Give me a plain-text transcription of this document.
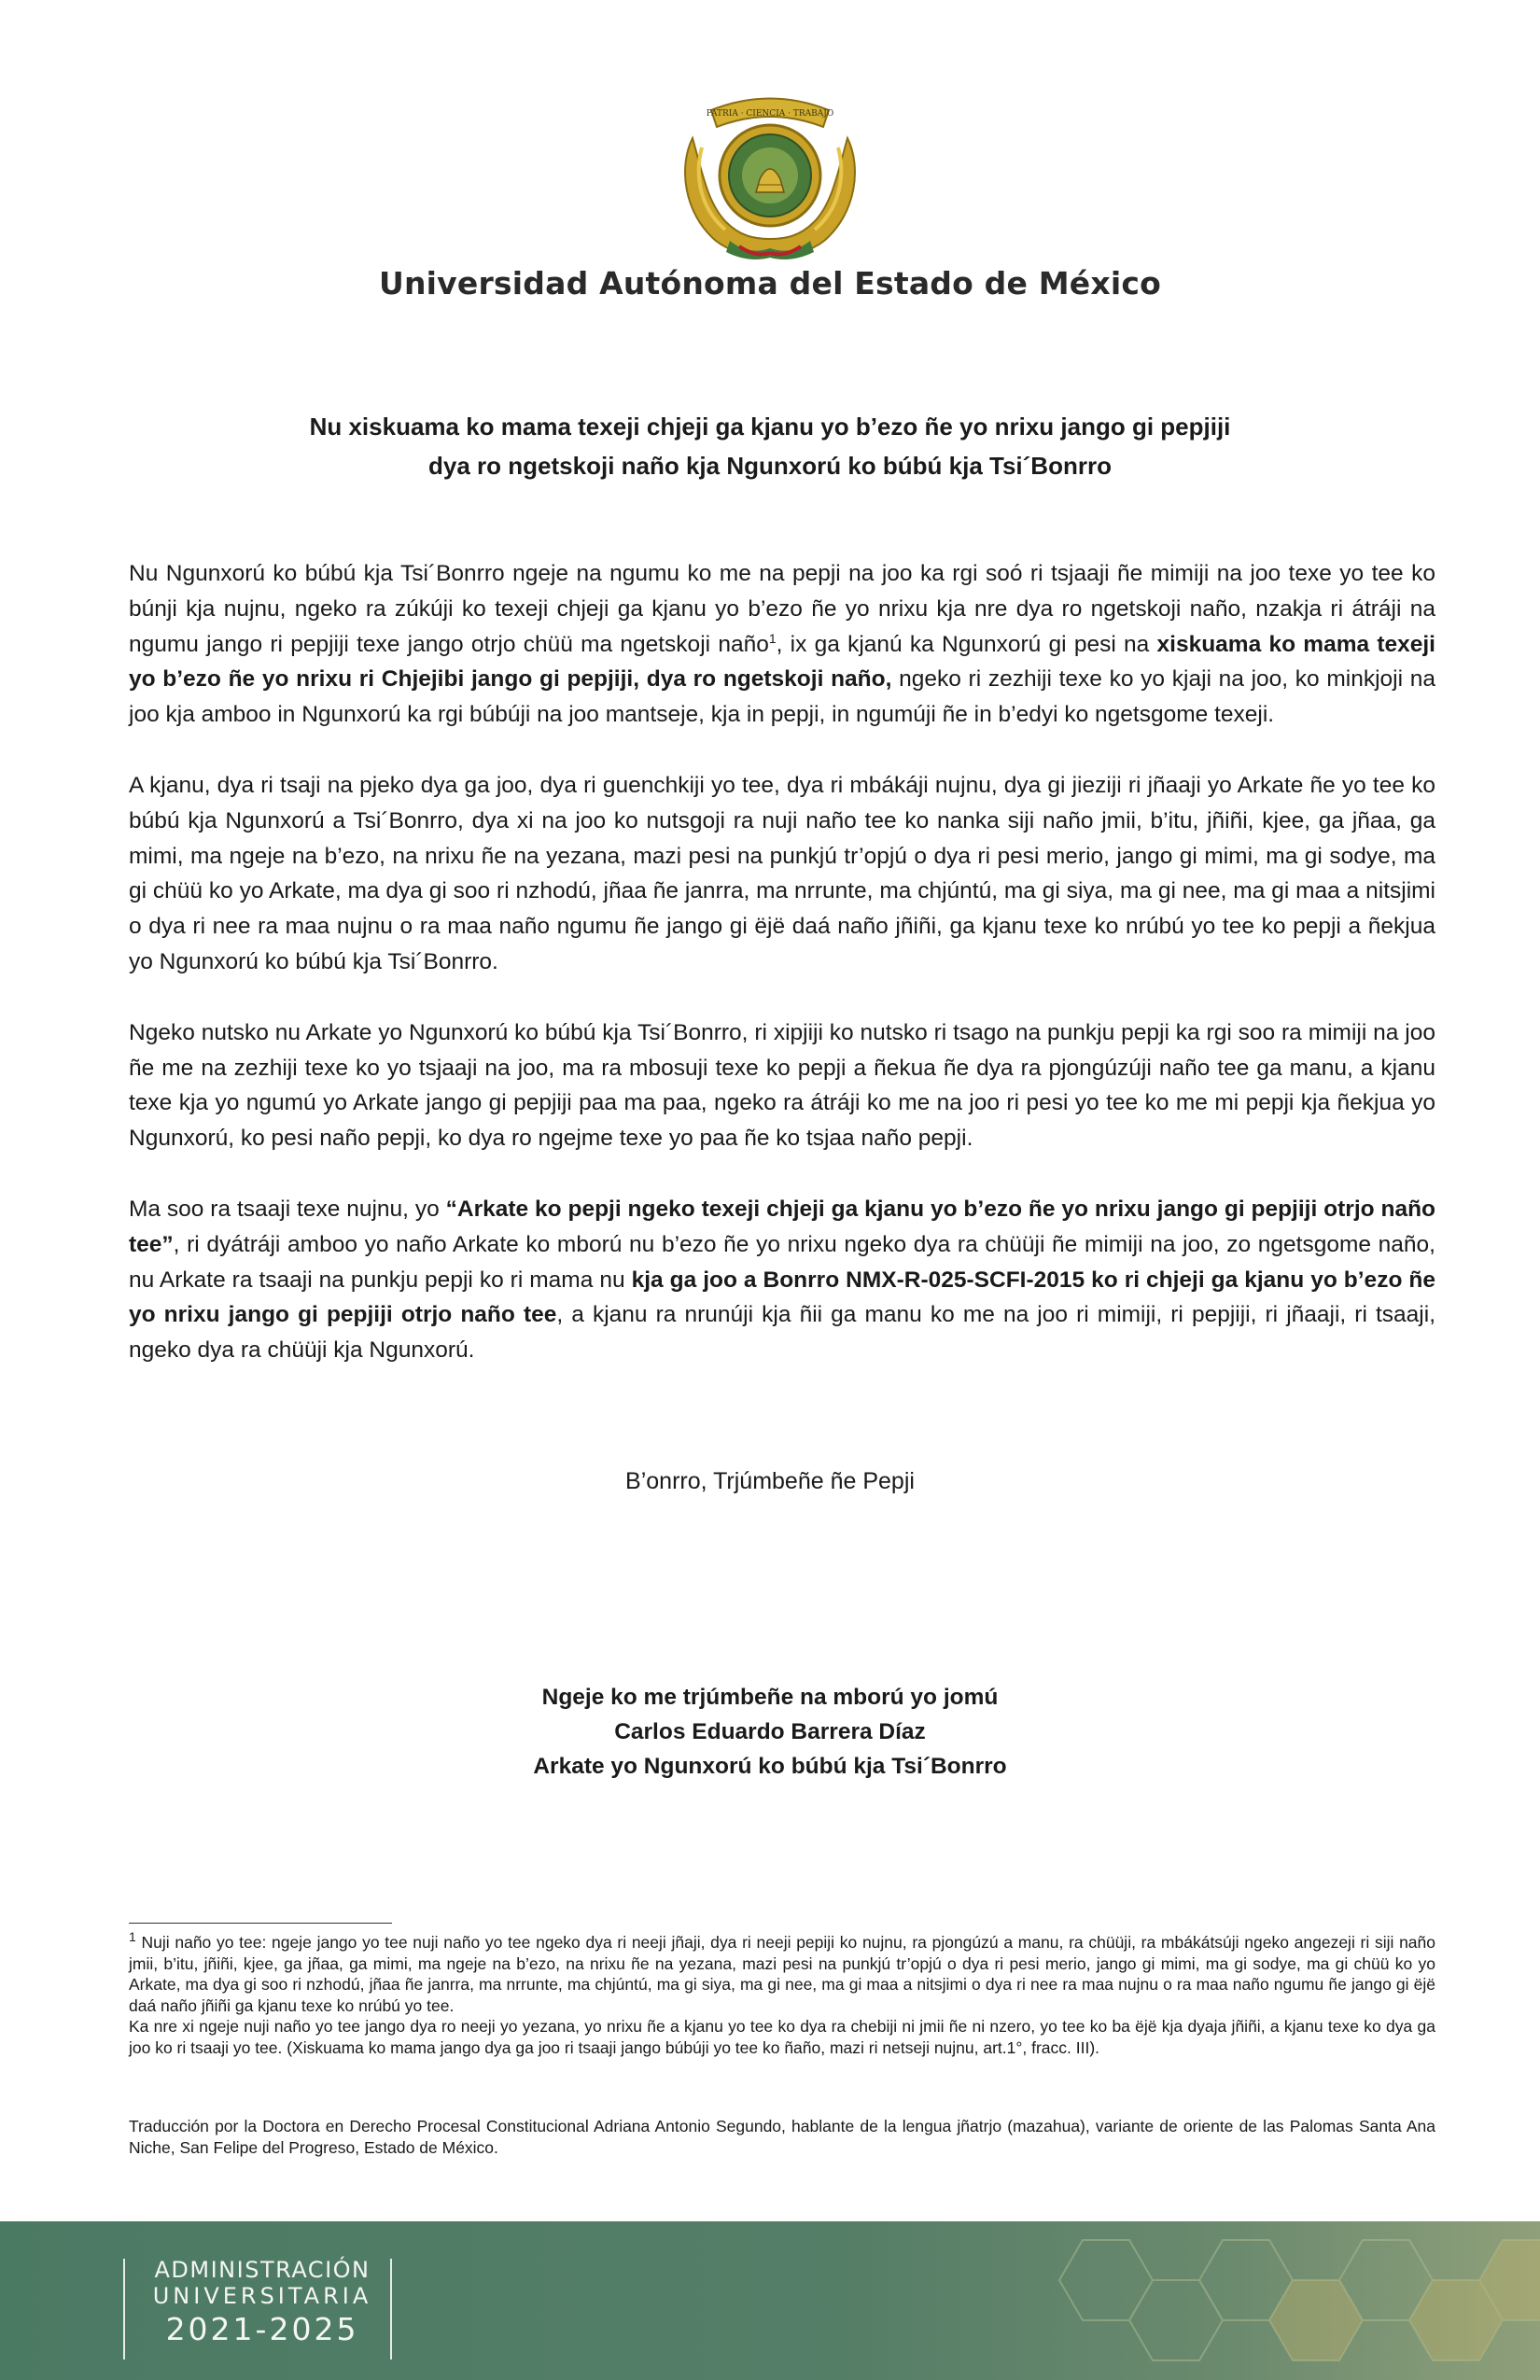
PATRIA · CIENCIA · TRABAJO
Universidad Autónoma del Estado de México
Nu xiskuama ko mama texeji chjeji ga kjanu yo b’ezo ñe yo nrixu jango gi pepjiji
dya ro ngetskoji naño kja Ngunxorú ko búbú kja Tsi´Bonrro

Nu Ngunxorú ko búbú kja Tsi´Bonrro ngeje na ngumu ko me na pepji na joo ka rgi soó ri tsjaaji ñe mimiji na joo texe yo tee ko búnji kja nujnu, ngeko ra zúkúji ko texeji chjeji ga kjanu yo b’ezo ñe yo nrixu kja nre dya ro ngetskoji naño, nzakja ri átráji na ngumu jango ri pepjiji texe jango otrjo chüü ma ngetskoji naño$^1$, ix ga kjanú ka Ngunxorú gi pesi na xiskuama ko mama texeji yo b’ezo ñe yo nrixu ri Chjejibi jango gi pepjiji, dya ro ngetskoji naño, ngeko ri zezhiji texe ko yo kjaji na joo, ko minkjoji na joo kja amboo in Ngunxorú ka rgi búbúji na joo mantseje, kja in pepji, in ngumúji ñe in b’edyi ko ngetsgome texeji.

A kjanu, dya ri tsaji na pjeko dya ga joo, dya ri guenchkiji yo tee, dya ri mbákáji nujnu, dya gi jieziji ri jñaaji yo Arkate ñe yo tee ko búbú kja Ngunxorú a Tsi´Bonrro, dya xi na joo ko nutsgoji ra nuji naño tee ko nanka siji naño jmii, b’itu, jñiñi, kjee, ga jñaa, ga mimi, ma ngeje na b’ezo, na nrixu ñe na yezana, mazi pesi na punkjú tr’opjú o dya ri pesi merio, jango gi mimi, ma gi sodye, ma gi chüü ko yo Arkate, ma dya gi soo ri nzhodú, jñaa ñe janrra, ma nrrunte, ma chjúntú, ma gi siya, ma gi nee, ma gi maa a nitsjimi o dya ri nee ra maa nujnu o ra maa naño ngumu ñe jango gi ëjë daá naño jñiñi, ga kjanu texe ko nrúbú yo tee ko pepji a ñekjua yo Ngunxorú ko búbú kja Tsi´Bonrro.

Ngeko nutsko nu Arkate yo Ngunxorú ko búbú kja Tsi´Bonrro, ri xipjiji ko nutsko ri tsago na punkju pepji ka rgi soo ra mimiji na joo ñe me na zezhiji texe ko yo tsjaaji na joo, ma ra mbosuji texe ko pepji a ñekua ñe dya ra pjongúzúji naño tee ga manu, a kjanu texe kja yo ngumú yo Arkate jango gi pepjiji paa ma paa, ngeko ra átráji ko me na joo ri pesi yo tee ko me mi pepji kja ñekjua yo Ngunxorú, ko pesi naño pepji, ko dya ro ngejme texe yo paa ñe ko tsjaa naño pepji.

Ma soo ra tsaaji texe nujnu, yo “Arkate ko pepji ngeko texeji chjeji ga kjanu yo b’ezo ñe yo nrixu jango gi pepjiji otrjo naño tee”, ri dyátráji amboo yo naño Arkate ko mború nu b’ezo ñe yo nrixu ngeko dya ra chüüji ñe mimiji na joo, zo ngetsgome naño, nu Arkate ra tsaaji na punkju pepji ko ri mama nu kja ga joo a Bonrro NMX-R-025-SCFI-2015 ko ri chjeji ga kjanu yo b’ezo ñe yo nrixu jango gi pepjiji otrjo naño tee, a kjanu ra nrunúji kja ñii ga manu ko me na joo ri mimiji, ri pepjiji, ri jñaaji, ri tsaaji, ngeko dya ra chüüji kja Ngunxorú.

B’onrro, Trjúmbeñe ñe Pepji
Ngeje ko me trjúmbeñe na mború yo jomú
Carlos Eduardo Barrera Díaz
Arkate yo Ngunxorú ko búbú kja Tsi´Bonrro

$^1$ Nuji naño yo tee: ngeje jango yo tee nuji naño yo tee ngeko dya ri neeji jñaji, dya ri neeji pepiji ko nujnu, ra pjongúzú a manu, ra chüüji, ra mbákátsúji ngeko angezeji ri siji naño jmii, b’itu, jñiñi, kjee, ga jñaa, ga mimi, ma ngeje na b’ezo, na nrixu ñe na yezana, mazi pesi na punkjú tr’opjú o dya ri pesi merio, jango gi mimi, ma gi sodye, ma gi chüü ko yo Arkate, ma dya gi soo ri nzhodú, jñaa ñe janrra, ma nrrunte, ma chjúntú, ma gi siya, ma gi nee, ma gi maa a nitsjimi o dya ri nee ra maa nujnu o ra maa naño ngumu ñe jango gi ëjë daá naño jñiñi ga kjanu texe ko nrúbú yo tee.

Ka nre xi ngeje nuji naño yo tee jango dya ro neeji yo yezana, yo nrixu ñe a kjanu yo tee ko dya ra chebiji ni jmii ñe ni nzero, yo tee ko ba ëjë kja dyaja jñiñi, a kjanu texe ko dya ga joo ko ri tsaaji yo tee. (Xiskuama ko mama jango dya ga joo ri tsaaji jango búbúji yo tee ko ñaño, mazi ri netseji nujnu, art.1°, fracc. III).

Traducción por la Doctora en Derecho Procesal Constitucional Adriana Antonio Segundo, hablante de la lengua jñatrjo (mazahua), variante de oriente de las Palomas Santa Ana Niche, San Felipe del Progreso, Estado de México.
ADMINISTRACIÓN
UNIVERSITARIA
2021-2025
